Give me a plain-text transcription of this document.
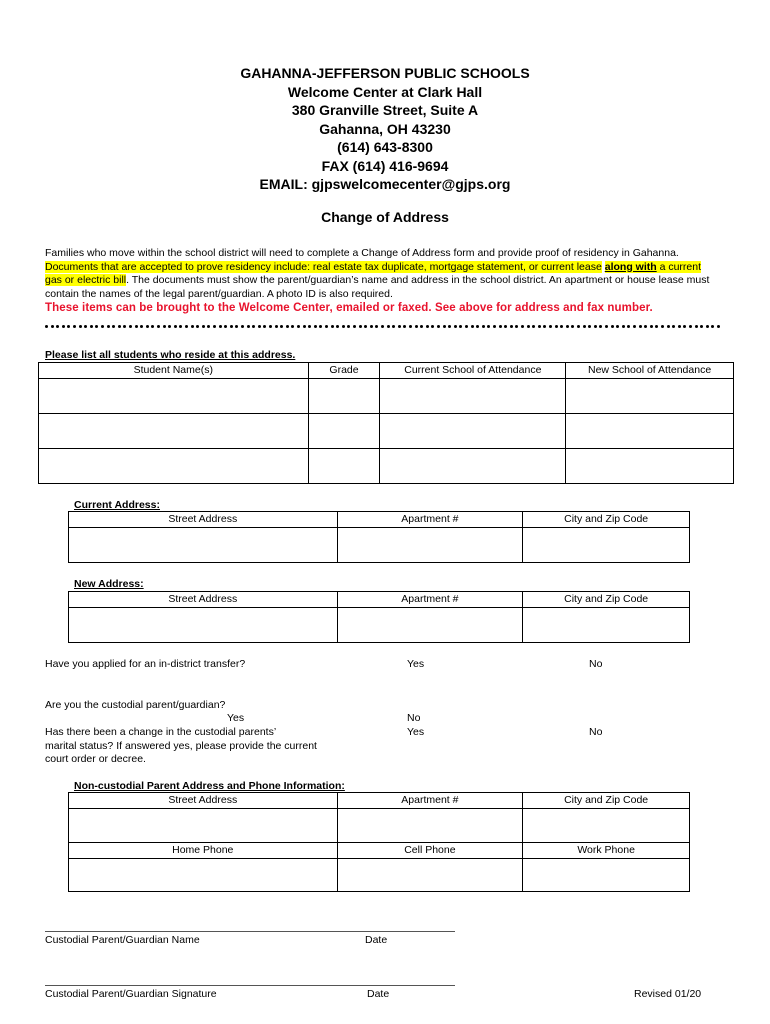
GAHANNA-JEFFERSON PUBLIC SCHOOLS
Welcome Center at Clark Hall
380 Granville Street, Suite A
Gahanna, OH 43230
(614) 643-8300
FAX (614) 416-9694
EMAIL: gjpswelcomecenter@gjps.org
Change of Address
Families who move within the school district will need to complete a Change of Address form and provide proof of residency in Gahanna. Documents that are accepted to prove residency include: real estate tax duplicate, mortgage statement, or current lease along with a current gas or electric bill. The documents must show the parent/guardian’s name and address in the school district. An apartment or house lease must contain the names of the legal parent/guardian. A photo ID is also required.
These items can be brought to the Welcome Center, emailed or faxed. See above for address and fax number.
Please list all students who reside at this address.
Student Name(s)	Grade	Current School of Attendance	New School of Attendance

Current Address:
Street Address	Apartment #	City and Zip Code

New Address:
Street Address	Apartment #	City and Zip Code

Have you applied for an in-district transfer?	Yes	No
Are you the custodial parent/guardian?
Yes	No
Has there been a change in the custodial parents’
marital status? If answered yes, please provide the current
court order or decree.
Yes	No
Non-custodial Parent Address and Phone Information:
Street Address	Apartment #	City and Zip Code

Home Phone	Cell Phone	Work Phone

Custodial Parent/Guardian Name	Date
Custodial Parent/Guardian Signature	Date	Revised 01/20
